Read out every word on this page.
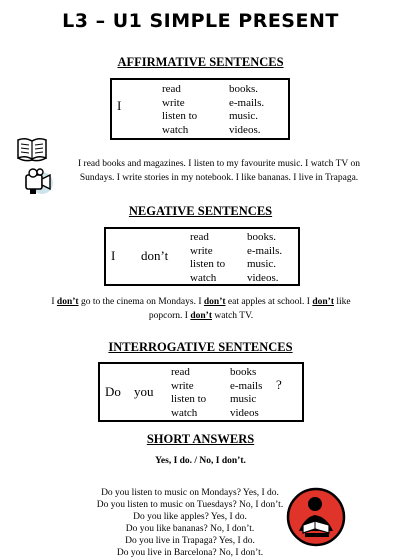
L3 – U1 SIMPLE PRESENT
AFFIRMATIVE SENTENCES
I
read
write
listen to
watch
books.
e-mails.
music.
videos.
I read books and magazines. I listen to my favourite music. I watch TV on Sundays. I write stories in my notebook. I like bananas. I live in Trapaga.
NEGATIVE SENTENCES
I don’t
read
write
listen to
watch
books.
e-mails.
music.
videos.
I don’t go to the cinema on Mondays. I don’t eat apples at school. I don’t like popcorn. I don’t watch TV.
INTERROGATIVE SENTENCES
Do you
read
write
listen to
watch
books
e-mails
music
videos
?
SHORT ANSWERS
Yes, I do. / No, I don’t.
Do you listen to music on Mondays? Yes, I do.
Do you listen to music on Tuesdays? No, I don’t.
Do you like apples? Yes, I do.
Do you like bananas? No, I don’t.
Do you live in Trapaga? Yes, I do.
Do you live in Barcelona? No, I don’t.
